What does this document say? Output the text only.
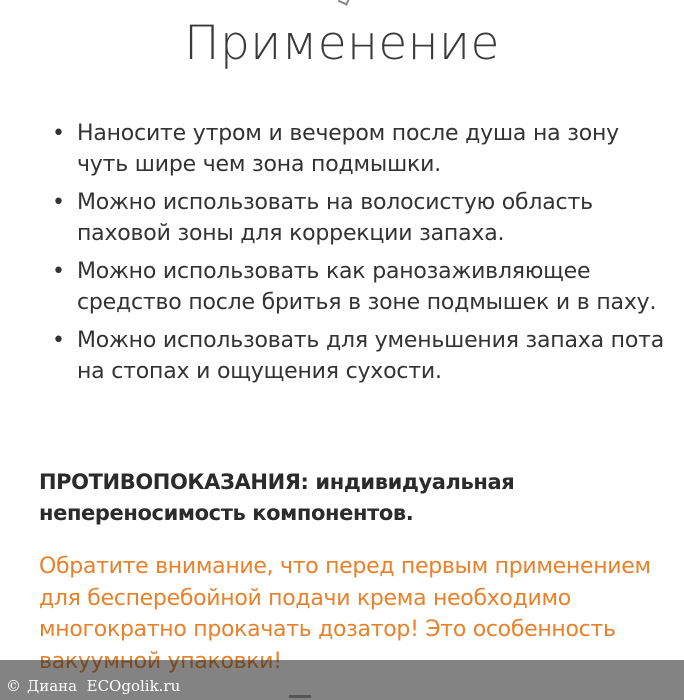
Применение
• Наносите утром и вечером после душа на зону чуть шире чем зона подмышки.
• Можно использовать на волосистую область паховой зоны для коррекции запаха.
• Можно использовать как ранозаживляющее средство после бритья в зоне подмышек и в паху.
• Можно использовать для уменьшения запаха пота на стопах и ощущения сухости.

ПРОТИВОПОКАЗАНИЯ: индивидуальная непереносимость компонентов.

Обратите внимание, что перед первым применением для бесперебойной подачи крема необходимо многократно прокачать дозатор! Это особенность

© Диана ECOgolik.ru
